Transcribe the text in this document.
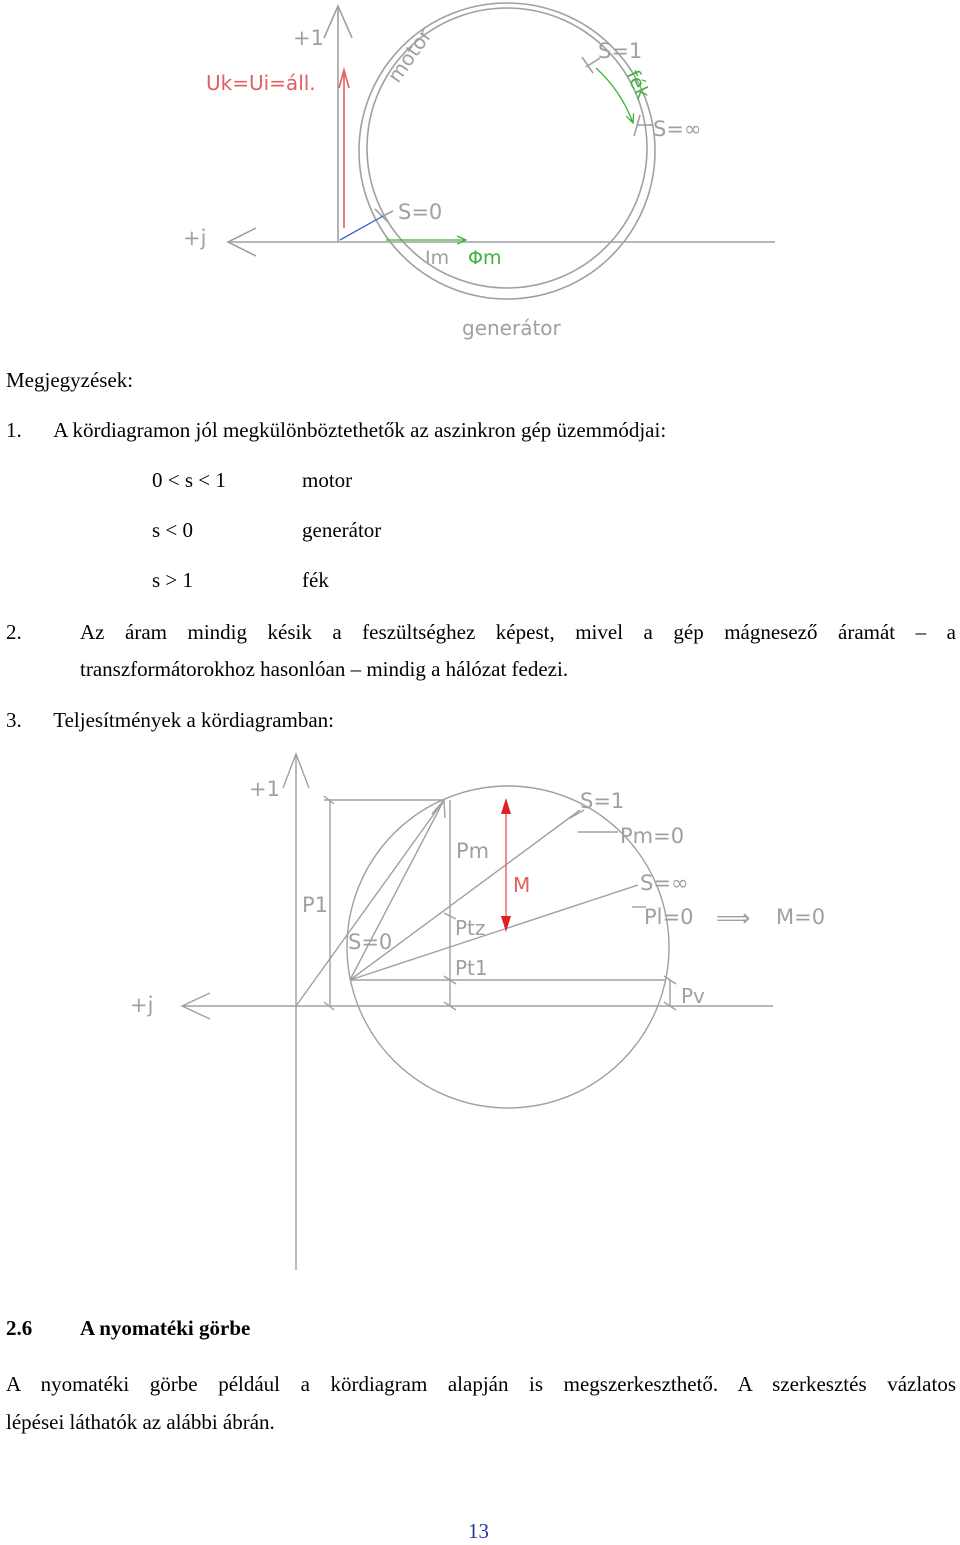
+1
Uk=Ui=áll.
+j
motor	fék
S=1
S=∞
S=0
Im Φm
generátor
Megjegyzések:
1.      A kördiagramon jól megkülönböztethetők az aszinkron gép üzemmódjai:
0 < s < 1	motor
s < 0	generátor
s > 1	fék
2.	Az áram mindig késik a feszültséghez képest, mivel a gép mágnesező áramát – a
transzformátorokhoz hasonlóan – mindig a hálózat fedezi.
3.      Teljesítmények a kördiagramban:
+1
+j
S=1
Pm=0
Pm
M	S=∞
P1	Pl=0 ⟹ M=0
S=0
Ptz
Pt1
Pv
2.6 A nyomatéki görbe
A nyomatéki görbe például a kördiagram alapján is megszerkeszthető. A szerkesztés vázlatos
lépései láthatók az alábbi ábrán.
13
